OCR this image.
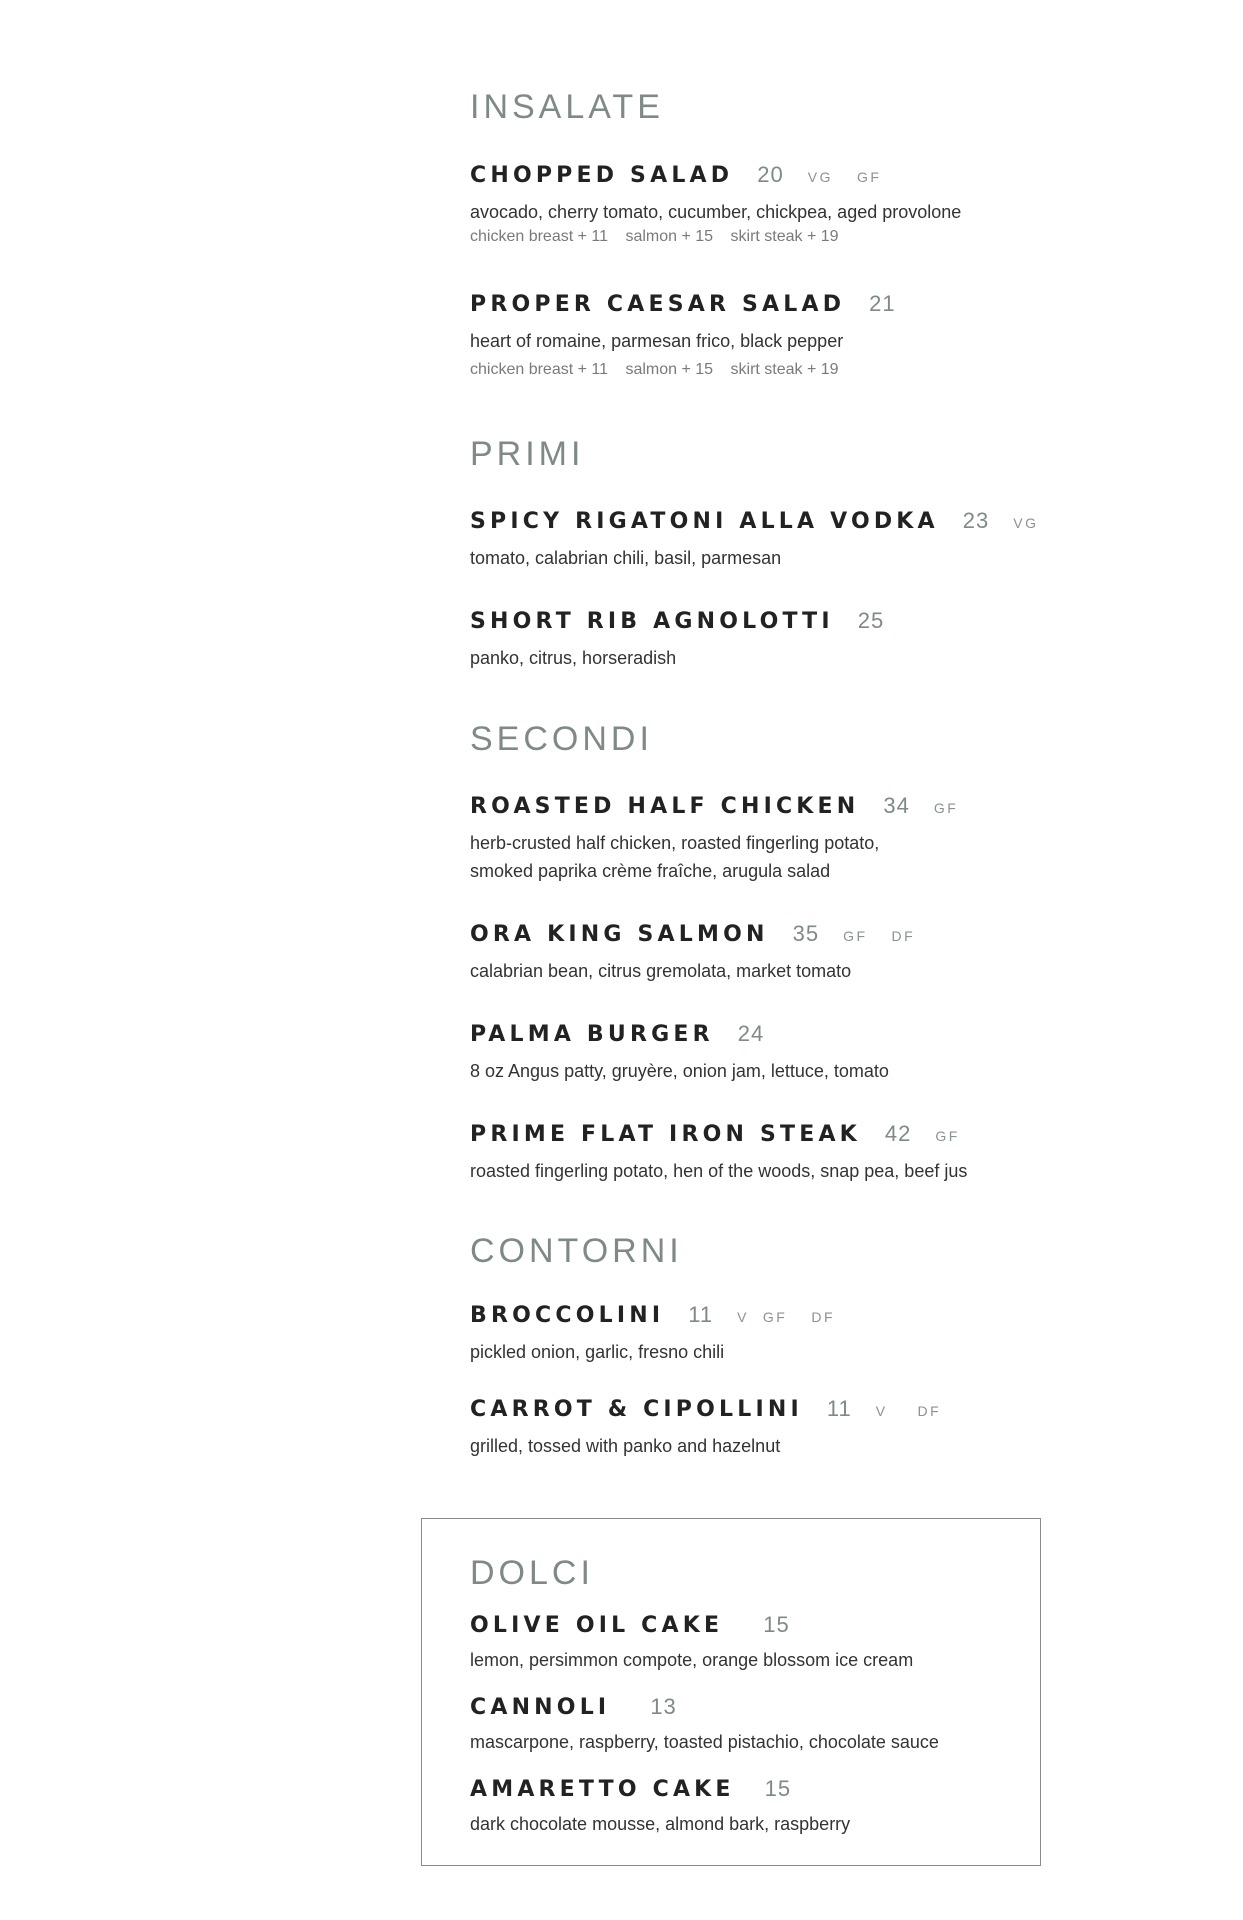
INSALATE
CHOPPED SALAD 20 VG GF
avocado, cherry tomato, cucumber, chickpea, aged provolone
chicken breast + 11 salmon + 15 skirt steak + 19
PROPER CAESAR SALAD 21
heart of romaine, parmesan frico, black pepper
chicken breast + 11 salmon + 15 skirt steak + 19
PRIMI
SPICY RIGATONI ALLA VODKA 23 VG
tomato, calabrian chili, basil, parmesan
SHORT RIB AGNOLOTTI 25
panko, citrus, horseradish
SECONDI
ROASTED HALF CHICKEN 34 GF
herb-crusted half chicken, roasted fingerling potato,
smoked paprika crème fraîche, arugula salad
ORA KING SALMON 35 GF DF
calabrian bean, citrus gremolata, market tomato
PALMA BURGER 24
8 oz Angus patty, gruyère, onion jam, lettuce, tomato
PRIME FLAT IRON STEAK 42 GF
roasted fingerling potato, hen of the woods, snap pea, beef jus
CONTORNI
BROCCOLINI 11 V GF DF
pickled onion, garlic, fresno chili
CARROT & CIPOLLINI 11 V DF
grilled, tossed with panko and hazelnut
DOLCI
OLIVE OIL CAKE 15
lemon, persimmon compote, orange blossom ice cream
CANNOLI 13
mascarpone, raspberry, toasted pistachio, chocolate sauce
AMARETTO CAKE 15
dark chocolate mousse, almond bark, raspberry
